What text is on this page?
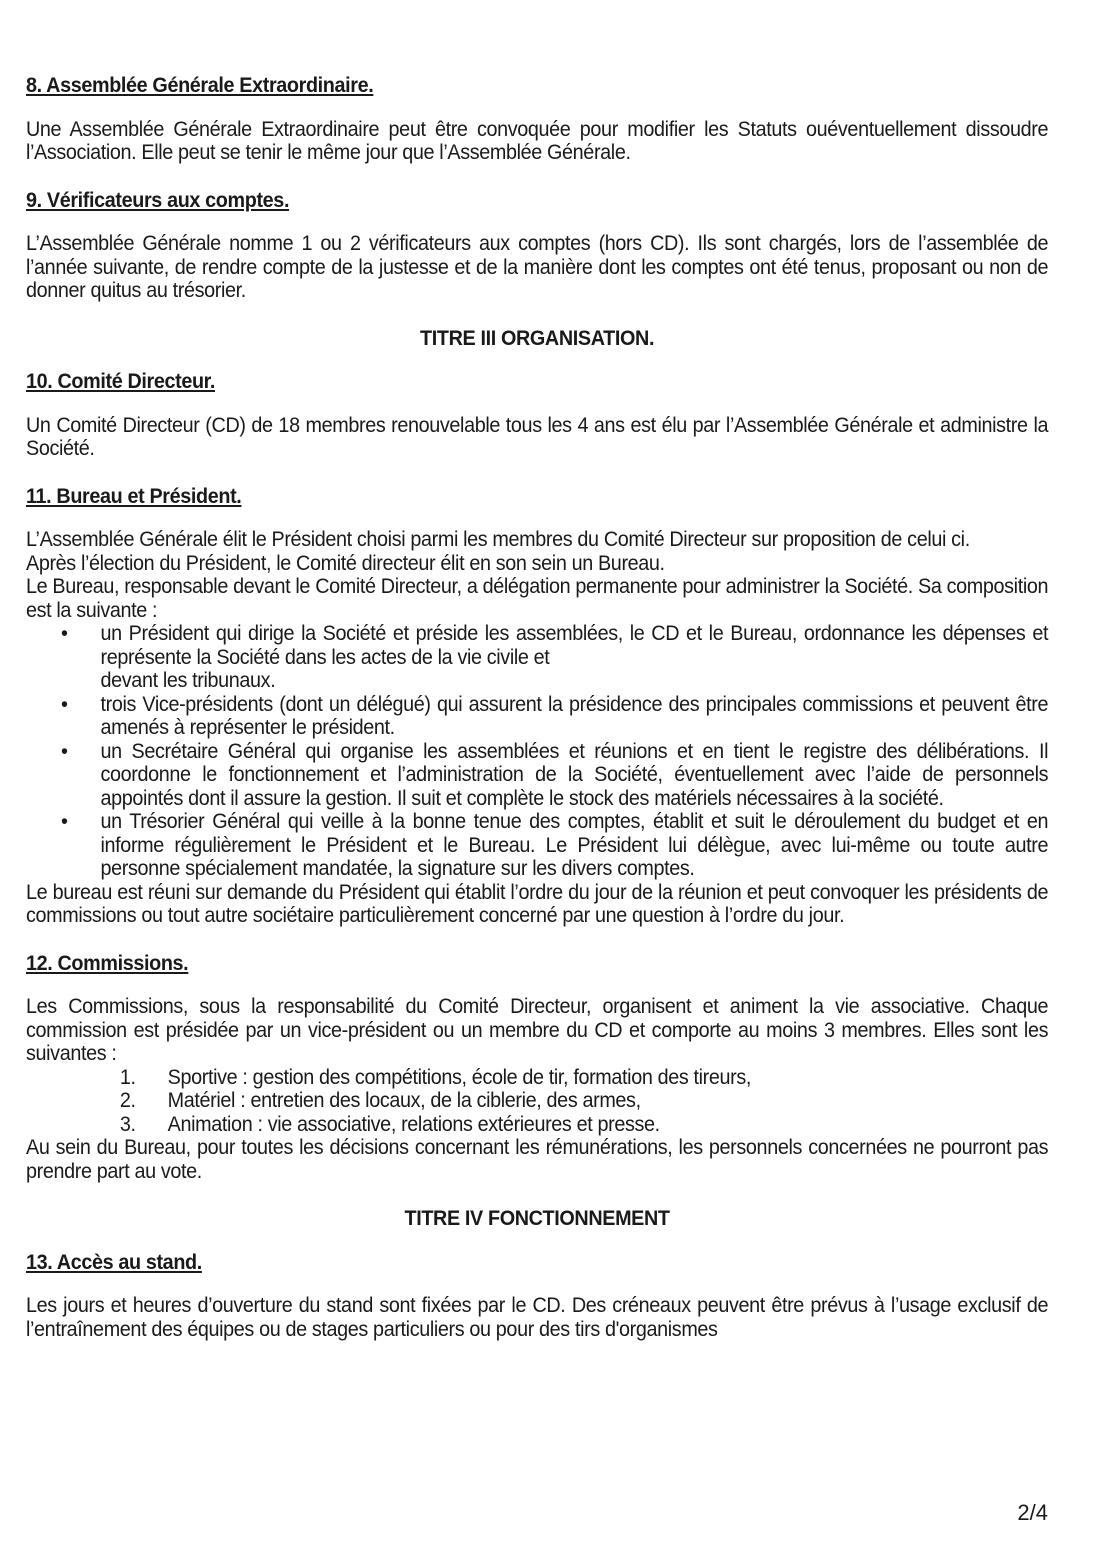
8. Assemblée Générale Extraordinaire.

Une Assemblée Générale Extraordinaire peut être convoquée pour modifier les Statuts ouéventuellement dissoudre l’Association. Elle peut se tenir le même jour que l’Assemblée Générale.

9. Vérificateurs aux comptes.

L’Assemblée Générale nomme 1 ou 2 vérificateurs aux comptes (hors CD). Ils sont chargés, lors de l’assemblée de l’année suivante, de rendre compte de la justesse et de la manière dont les comptes ont été tenus, proposant ou non de donner quitus au trésorier.

TITRE III ORGANISATION.
10. Comité Directeur.

Un Comité Directeur (CD) de 18 membres renouvelable tous les 4 ans est élu par l’Assemblée Générale et administre la Société.

11. Bureau et Président.

L’Assemblée Générale élit le Président choisi parmi les membres du Comité Directeur sur proposition de celui ci.

Après l’élection du Président, le Comité directeur élit en son sein un Bureau.

Le Bureau, responsable devant le Comité Directeur, a délégation permanente pour administrer la Société. Sa composition est la suivante :

• un Président qui dirige la Société et préside les assemblées, le CD et le Bureau, ordonnance les dépenses et représente la Société dans les actes de la vie civile et
devant les tribunaux.
• trois Vice-présidents (dont un délégué) qui assurent la présidence des principales commissions et peuvent être amenés à représenter le président.
• un Secrétaire Général qui organise les assemblées et réunions et en tient le registre des délibérations. Il coordonne le fonctionnement et l’administration de la Société, éventuellement avec l’aide de personnels appointés dont il assure la gestion. Il suit et complète le stock des matériels nécessaires à la société.
• un Trésorier Général qui veille à la bonne tenue des comptes, établit et suit le déroulement du budget et en informe régulièrement le Président et le Bureau. Le Président lui délègue, avec lui-même ou toute autre personne spécialement mandatée, la signature sur les divers comptes.

Le bureau est réuni sur demande du Président qui établit l’ordre du jour de la réunion et peut convoquer les présidents de commissions ou tout autre sociétaire particulièrement concerné par une question à l’ordre du jour.

12. Commissions.

Les Commissions, sous la responsabilité du Comité Directeur, organisent et animent la vie associative. Chaque commission est présidée par un vice-président ou un membre du CD et comporte au moins 3 membres. Elles sont les suivantes :

1. Sportive : gestion des compétitions, école de tir, formation des tireurs,
2. Matériel : entretien des locaux, de la ciblerie, des armes,
3. Animation : vie associative, relations extérieures et presse.

Au sein du Bureau, pour toutes les décisions concernant les rémunérations, les personnels concernées ne pourront pas prendre part au vote.

TITRE IV FONCTIONNEMENT
13. Accès au stand.

Les jours et heures d’ouverture du stand sont fixées par le CD. Des créneaux peuvent être prévus à l’usage exclusif de l’entraînement des équipes ou de stages particuliers ou pour des tirs d'organismes

2/4
